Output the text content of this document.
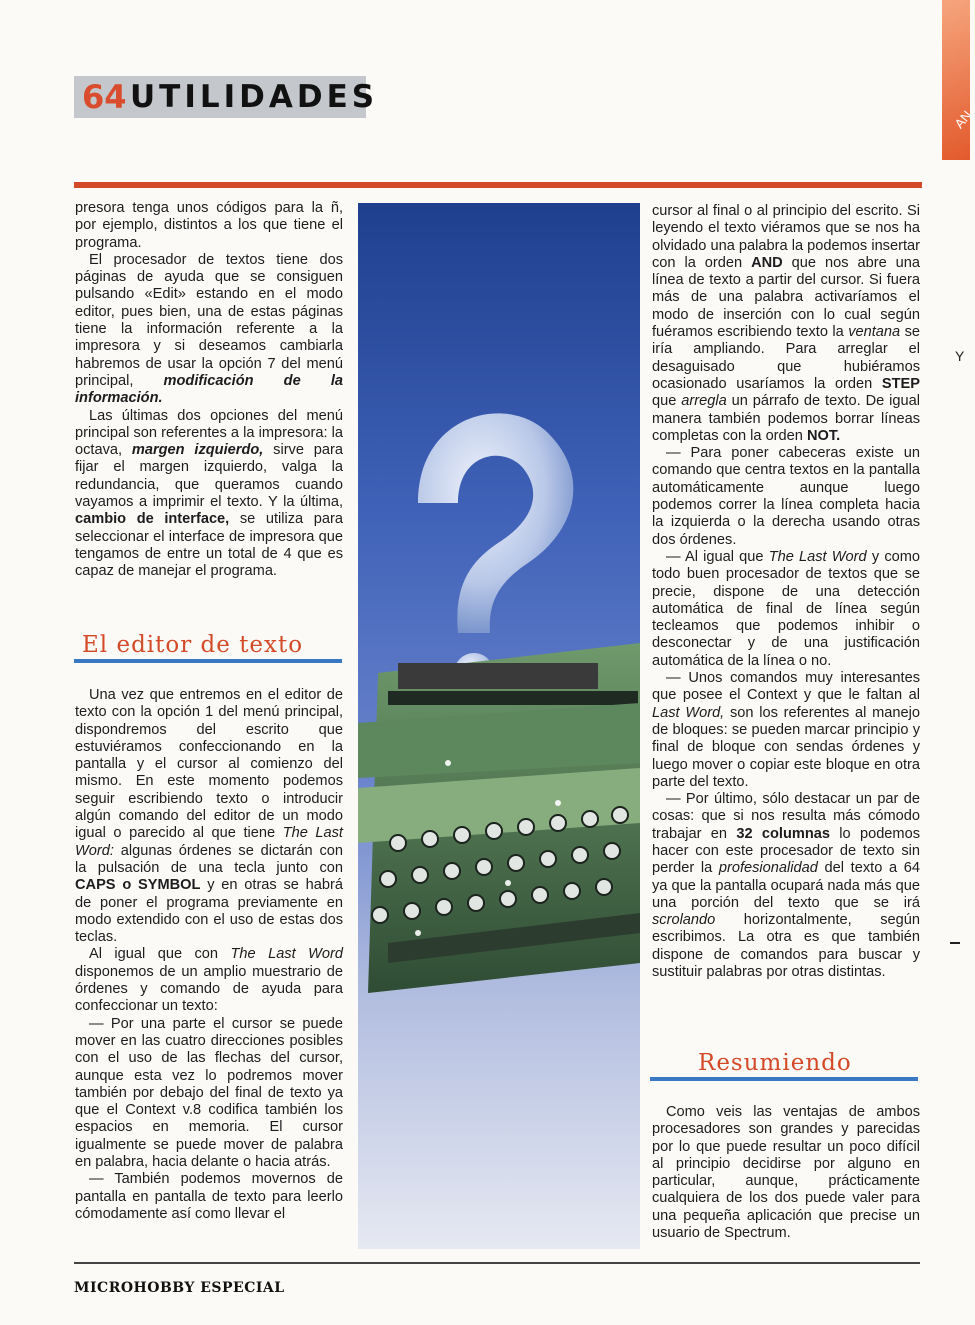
64 UTILIDADES
AN
Y

presora tenga unos códigos para la ñ, por ejemplo, distintos a los que tiene el programa.

El procesador de textos tiene dos páginas de ayuda que se consiguen pulsando «Edit» estando en el modo editor, pues bien, una de estas páginas tiene la información referente a la impresora y si deseamos cambiarla habremos de usar la opción 7 del menú principal, modificación de la información.

Las últimas dos opciones del menú principal son referentes a la impresora: la octava, margen izquierdo, sirve para fijar el margen izquierdo, valga la redundancia, que queramos cuando vayamos a imprimir el texto. Y la última, cambio de interface, se utiliza para seleccionar el interface de impresora que tengamos de entre un total de 4 que es capaz de manejar el programa.

El editor de texto

Una vez que entremos en el editor de texto con la opción 1 del menú principal, dispondremos del escrito que estuviéramos confeccionando en la pantalla y el cursor al comienzo del mismo. En este momento podemos seguir escribiendo texto o introducir algún comando del editor de un modo igual o parecido al que tiene The Last Word: algunas órdenes se dictarán con la pulsación de una tecla junto con CAPS o SYMBOL y en otras se habrá de poner el programa previamente en modo extendido con el uso de estas dos teclas.

Al igual que con The Last Word disponemos de un amplio muestrario de órdenes y comando de ayuda para confeccionar un texto:

— Por una parte el cursor se puede mover en las cuatro direcciones posibles con el uso de las flechas del cursor, aunque esta vez lo podremos mover también por debajo del final de texto ya que el Context v.8 codifica también los espacios en memoria. El cursor igualmente se puede mover de palabra en palabra, hacia delante o hacia atrás.

— También podemos movernos de pantalla en pantalla de texto para leerlo cómodamente así como llevar el

cursor al final o al principio del escrito. Si leyendo el texto viéramos que se nos ha olvidado una palabra la podemos insertar con la orden AND que nos abre una línea de texto a partir del cursor. Si fuera más de una palabra activaríamos el modo de inserción con lo cual según fuéramos escribiendo texto la ventana se iría ampliando. Para arreglar el desaguisado que hubiéramos ocasionado usaríamos la orden STEP que arregla un párrafo de texto. De igual manera también podemos borrar líneas completas con la orden NOT.

— Para poner cabeceras existe un comando que centra textos en la pantalla automáticamente aunque luego podemos correr la línea completa hacia la izquierda o la derecha usando otras dos órdenes.

— Al igual que The Last Word y como todo buen procesador de textos que se precie, dispone de una detección automática de final de línea según tecleamos que podemos inhibir o desconectar y de una justificación automática de la línea o no.

— Unos comandos muy interesantes que posee el Context y que le faltan al Last Word, son los referentes al manejo de bloques: se pueden marcar principio y final de bloque con sendas órdenes y luego mover o copiar este bloque en otra parte del texto.

— Por último, sólo destacar un par de cosas: que si nos resulta más cómodo trabajar en 32 columnas lo podemos hacer con este procesador de texto sin perder la profesionalidad del texto a 64 ya que la pantalla ocupará nada más que una porción del texto que se irá scrolando horizontalmente, según escribimos. La otra es que también dispone de comandos para buscar y sustituir palabras por otras distintas.

Resumiendo

Como veis las ventajas de ambos procesadores son grandes y parecidas por lo que puede resultar un poco difícil al principio decidirse por alguno en particular, aunque, prácticamente cualquiera de los dos puede valer para una pequeña aplicación que precise un usuario de Spectrum.

MICROHOBBY ESPECIAL
